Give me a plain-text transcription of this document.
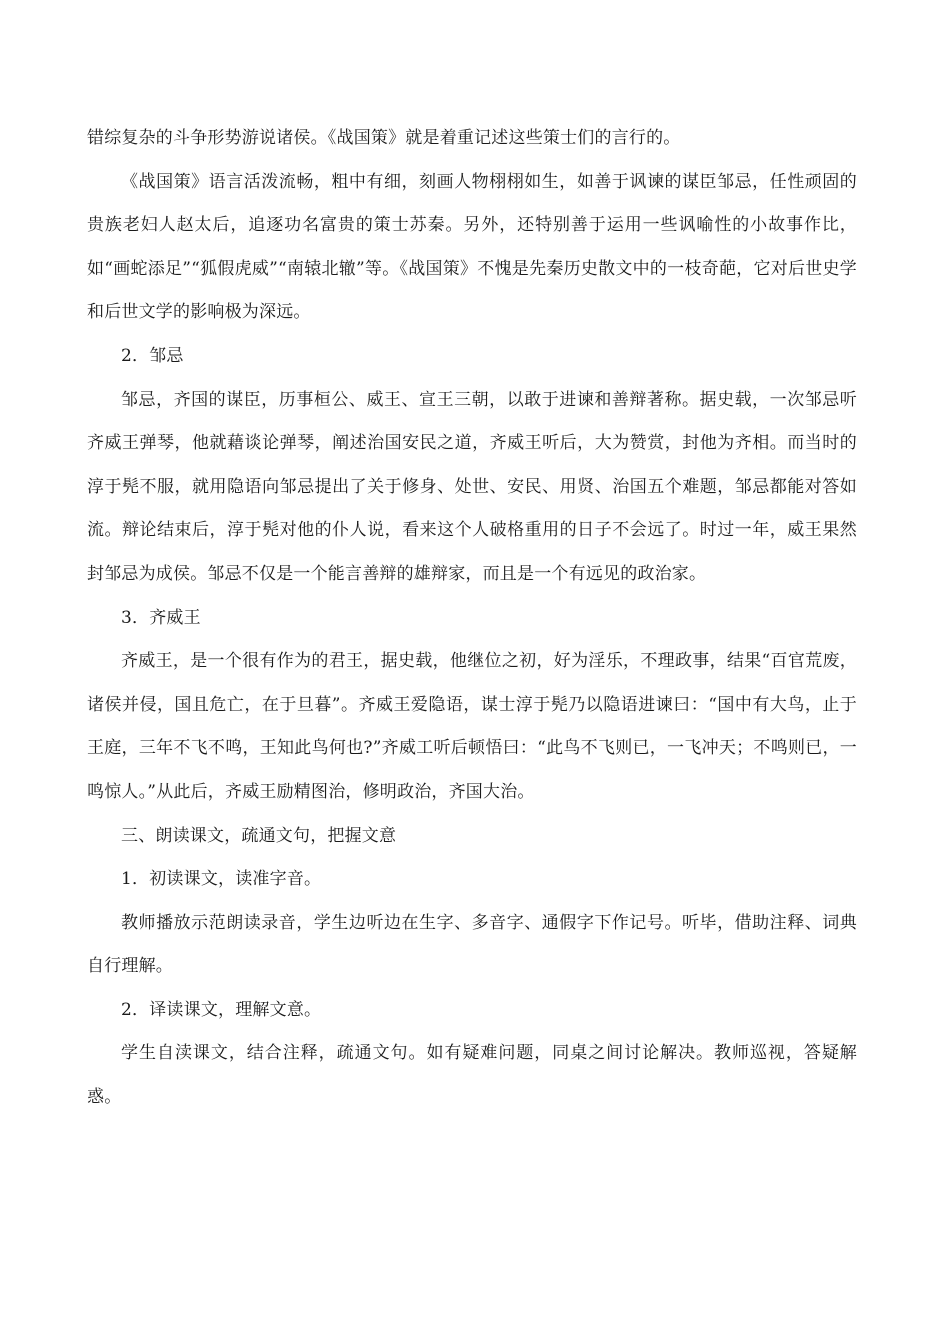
错综复杂的斗争形势游说诸侯。《战国策》就是着重记述这些策士们的言行的。

《战国策》语言活泼流畅，粗中有细，刻画人物栩栩如生，如善于讽谏的谋臣邹忌，任性顽固的贵族老妇人赵太后，追逐功名富贵的策士苏秦。另外，还特别善于运用一些讽喻性的小故事作比，如“画蛇添足”“狐假虎威”“南辕北辙”等。《战国策》不愧是先秦历史散文中的一枝奇葩，它对后世史学和后世文学的影响极为深远。

2．邹忌

邹忌，齐国的谋臣，历事桓公、威王、宣王三朝，以敢于进谏和善辩著称。据史载，一次邹忌听齐威王弹琴，他就藉谈论弹琴，阐述治国安民之道，齐威王听后，大为赞赏，封他为齐相。而当时的淳于髡不服，就用隐语向邹忌提出了关于修身、处世、安民、用贤、治国五个难题，邹忌都能对答如流。辩论结束后，淳于髡对他的仆人说，看来这个人破格重用的日子不会远了。时过一年，威王果然封邹忌为成侯。邹忌不仅是一个能言善辩的雄辩家，而且是一个有远见的政治家。

3．齐威王

齐威王，是一个很有作为的君王，据史载，他继位之初，好为淫乐，不理政事，结果“百官荒废，诸侯并侵，国且危亡，在于旦暮”。齐威王爱隐语，谋士淳于髡乃以隐语进谏曰：“国中有大鸟，止于王庭，三年不飞不鸣，王知此鸟何也?”齐威工听后顿悟曰：“此鸟不飞则已，一飞冲天；不鸣则已，一鸣惊人。”从此后，齐威王励精图治，修明政治，齐国大治。

三、朗读课文，疏通文句，把握文意

1．初读课文，读准字音。

教师播放示范朗读录音，学生边听边在生字、多音字、通假字下作记号。听毕，借助注释、词典自行理解。

2．译读课文，理解文意。

学生自渎课文，结合注释，疏通文句。如有疑难问题，同桌之间讨论解决。教师巡视，答疑解惑。
